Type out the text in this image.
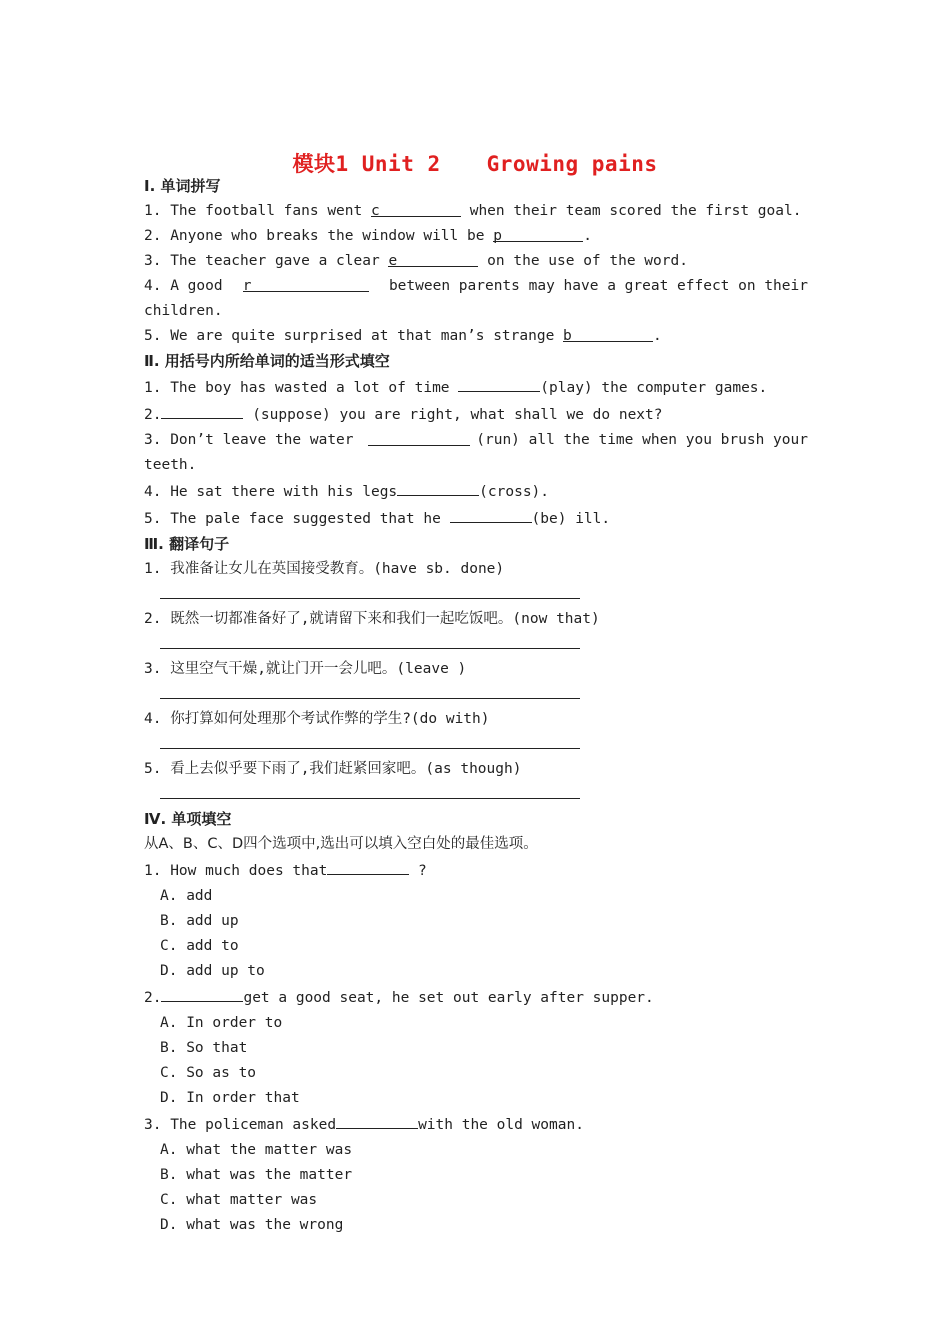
模块1 Unit 2 Growing pains
Ⅰ. 单词拼写
1. The football fans went c	when their team scored the first goal.
2. Anyone who breaks the window will be p	.
3. The teacher gave a clear e	on the use of the word.
4. A good r	between parents may have a great effect on their
children.
5. We are quite surprised at that man’s strange b	.
Ⅱ. 用括号内所给单词的适当形式填空
1. The boy has wasted a lot of time	(play) the computer games.
2.	(suppose) you are right, what shall we do next?
3. Don’t leave the water	(run) all the time when you brush your
teeth.
4. He sat there with his legs	(cross).
5. The pale face suggested that he	(be) ill.
Ⅲ. 翻译句子
1. 我准备让女儿在英国接受教育。(have sb. done)
2. 既然一切都准备好了,就请留下来和我们一起吃饭吧。(now that)
3. 这里空气干燥,就让门开一会儿吧。(leave )
4. 你打算如何处理那个考试作弊的学生?(do with)
5. 看上去似乎要下雨了,我们赶紧回家吧。(as though)
Ⅳ. 单项填空
从A、B、C、D四个选项中,选出可以填入空白处的最佳选项。
1. How much does that	?
A. add
B. add up
C. add to
D. add up to
2.	get a good seat, he set out early after supper.
A. In order to
B. So that
C. So as to
D. In order that
3. The policeman asked	with the old woman.
A. what the matter was
B. what was the matter
C. what matter was
D. what was the wrong
